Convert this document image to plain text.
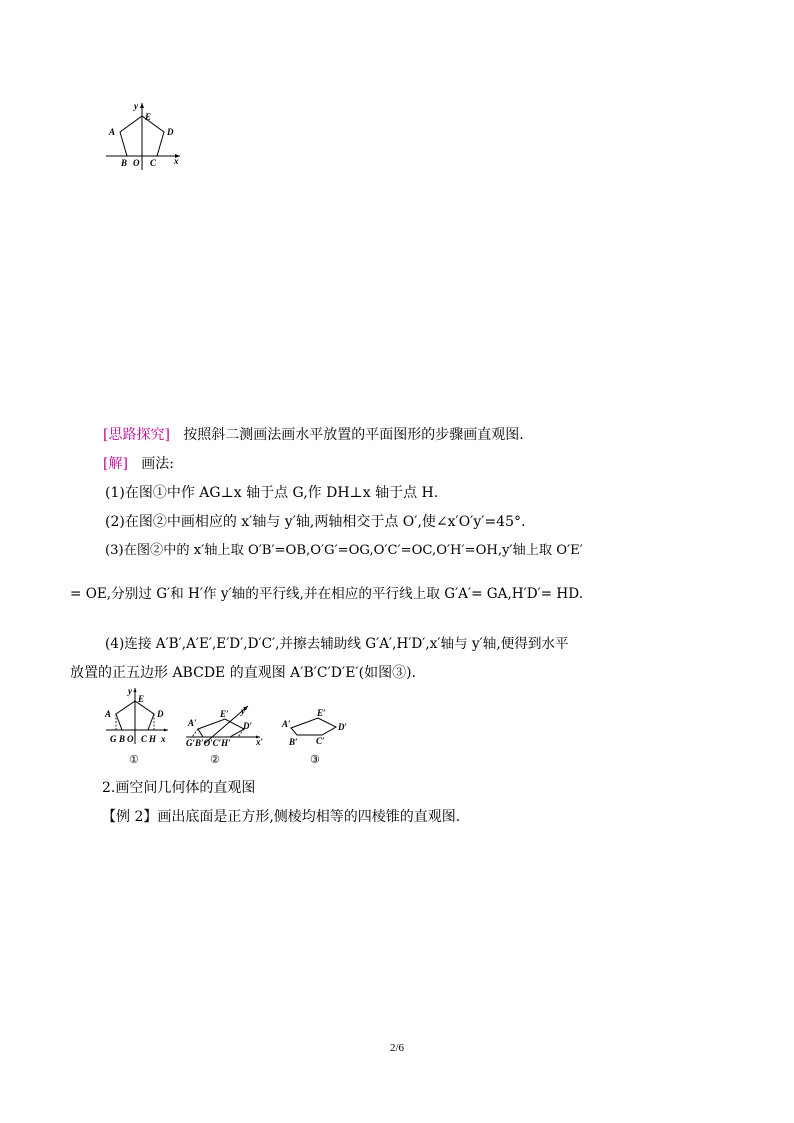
y
E
A	D
B O C x
[思路探究] 按照斜二测画法画水平放置的平面图形的步骤画直观图.
[解] 画法:
(1)在图①中作 AG⊥x 轴于点 G,作 DH⊥x 轴于点 H.
(2)在图②中画相应的 x′轴与 y′轴,两轴相交于点 O′,使∠x′O′y′=45°.
(3)在图②中的 x′轴上取 O′B′=OB,O′G′=OG,O′C′=OC,O′H′=OH,y′轴上取 O′E′
= OE,分别过 G′和 H′作 y′轴的平行线,并在相应的平行线上取 G′A′= GA,H′D′= HD.
(4)连接 A′B′,A′E′,E′D′,D′C′,并擦去辅助线 G′A′,H′D′,x′轴与 y′轴,便得到水平
放置的正五边形 ABCDE 的直观图 A′B′C′D′E′(如图③).
y
E
A	D
G B O C H x
①
A′
E′
D′
y′
G′B′O′C′H′	x′
②
A′
E′
D′
B′ C′
③
2.画空间几何体的直观图
【例 2】画出底面是正方形,侧棱均相等的四棱锥的直观图.
2/6
